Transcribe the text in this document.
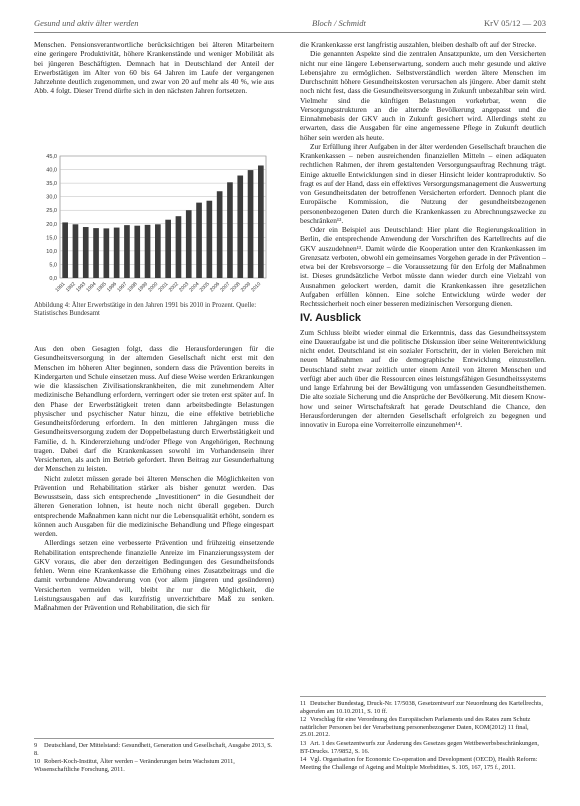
Gesund und aktiv älter werden	Bloch / Schmidt	KrV 05/12 — 203

Menschen. Pensionsverantwortliche berücksichtigen bei älteren Mitarbeitern eine geringere Produktivität, höhere Krankenstände und weniger Mobilität als bei jüngeren Beschäftigten. Demnach hat in Deutschland der Anteil der Erwerbstätigen im Alter von 60 bis 64 Jahren im Laufe der vergangenen Jahrzehnte deutlich zugenommen, und zwar von 20 auf mehr als 40 %, wie aus Abb. 4 folgt. Dieser Trend dürfte sich in den nächsten Jahren fortsetzen.

0,0
5,0
10,0
15,0
20,0
25,0
30,0
35,0
40,0
45,0
1991
1992
1993
1994
1995
1996
1997
1998
1999
2000
2001
2002
2003
2004
2005
2006
2007
2008
2009
2010
Abbildung 4: Älter Erwerbstätige in den Jahren 1991 bis 2010 in Prozent. Quelle: Statistisches Bundesamt

Aus den oben Gesagten folgt, dass die Herausforderungen für die Gesundheitsversorgung in der alternden Gesellschaft nicht erst mit den Menschen im höheren Alter beginnen, sondern dass die Prävention bereits in Kindergarten und Schule einsetzen muss. Auf diese Weise werden Erkrankungen wie die klassischen Zivilisationskrankheiten, die mit zunehmendem Alter medizinische Behandlung erfordern, verringert oder sie treten erst später auf. In den Phase der Erwerbstätigkeit treten dann arbeitsbedingte Belastungen physischer und psychischer Natur hinzu, die eine effektive betriebliche Gesundheitsförderung erfordern. In den mittleren Jahrgängen muss die Gesundheitsversorgung zudem der Doppelbelastung durch Erwerbstätigkeit und Familie, d. h. Kindererziehung und/oder Pflege von Angehörigen, Rechnung tragen. Dabei darf die Krankenkassen sowohl im Vorhandensein ihrer Versicherten, als auch im Betrieb gefordert. Ihren Beitrag zur Gesunderhaltung der Menschen zu leisten.

Nicht zuletzt müssen gerade bei älteren Menschen die Möglichkeiten von Prävention und Rehabilitation stärker als bisher genutzt werden. Das Bewusstsein, dass sich entsprechende „Investitionen“ in die Gesundheit der älteren Generation lohnen, ist heute noch nicht überall gegeben. Durch entsprechende Maßnahmen kann nicht nur die Lebensqualität erhöht, sondern es können auch Ausgaben für die medizinische Behandlung und Pflege eingespart werden.

Allerdings setzen eine verbesserte Prävention und frühzeitig einsetzende Rehabilitation entsprechende finanzielle Anreize im Finanzierungssystem der GKV voraus, die aber den derzeitigen Bedingungen des Gesundheitsfonds fehlen. Wenn eine Krankenkasse die Erhöhung eines Zusatzbeitrags und die damit verbundene Abwanderung von (vor allem jüngeren und gesünderen) Versicherten vermeiden will, bleibt ihr nur die Möglichkeit, die Leistungsausgaben auf das kurzfristig unverzichtbare Maß zu senken. Maßnahmen der Prävention und Rehabilitation, die sich für

9 Deutschland, Der Mittelstand: Gesundheit, Generation und Gesellschaft, Ausgabe 2013, S. 8.
10 Robert-Koch-Institut, Älter werden – Veränderungen beim Wachstum 2011, Wissenschaftliche Forschung, 2011.

die Krankenkasse erst langfristig auszahlen, bleiben deshalb oft auf der Strecke.

Die genannten Aspekte sind die zentralen Ansatzpunkte, um den Versicherten nicht nur eine längere Lebenserwartung, sondern auch mehr gesunde und aktive Lebensjahre zu ermöglichen. Selbstverständlich werden ältere Menschen im Durchschnitt höhere Gesundheitskosten verursachen als jüngere. Aber damit steht noch nicht fest, dass die Gesundheitsversorgung in Zukunft unbezahlbar sein wird. Vielmehr sind die künftigen Belastungen vorkehrbar, wenn die Versorgungsstrukturen an die alternde Bevölkerung angepasst und die Einnahmebasis der GKV auch in Zukunft gesichert wird. Allerdings steht zu erwarten, dass die Ausgaben für eine angemessene Pflege in Zukunft deutlich höher sein werden als heute.

Zur Erfüllung ihrer Aufgaben in der älter werdenden Gesellschaft brauchen die Krankenkassen – neben ausreichenden finanziellen Mitteln – einen adäquaten rechtlichen Rahmen, der ihrem gestaltenden Versorgungsauftrag Rechnung trägt. Einige aktuelle Entwicklungen sind in dieser Hinsicht leider kontraproduktiv. So fragt es auf der Hand, dass ein effektives Versorgungsmanagement die Auswertung von Gesundheitsdaten der betroffenen Versicherten erfordert. Dennoch plant die Europäische Kommission, die Nutzung der gesundheitsbezogenen personenbezogenen Daten durch die Krankenkassen zu Abrechnungszwecke zu beschränken¹².

Oder ein Beispiel aus Deutschland: Hier plant die Regierungskoalition in Berlin, die entsprechende Anwendung der Vorschriften des Kartellrechts auf die GKV auszudehnen¹³. Damit würde die Kooperation unter den Krankenkassen im Grenzsatz verboten, obwohl ein gemeinsames Vorgehen gerade in der Prävention – etwa bei der Krebsvorsorge – die Voraussetzung für den Erfolg der Maßnahmen ist. Dieses grundsätzliche Verbot müsste dann wieder durch eine Vielzahl von Ausnahmen gelockert werden, damit die Krankenkassen ihre gesetzlichen Aufgaben erfüllen können. Eine solche Entwicklung würde weder der Rechtssicherheit noch einer besseren medizinischen Versorgung dienen.

IV. Ausblick

Zum Schluss bleibt wieder einmal die Erkenntnis, dass das Gesundheitssystem eine Daueraufgabe ist und die politische Diskussion über seine Weiterentwicklung nicht endet. Deutschland ist ein sozialer Fortschritt, der in vielen Bereichen mit neuen Maßnahmen auf die demographische Entwicklung einzustellen. Deutschland steht zwar zeitlich unter einem Anteil von älteren Menschen und verfügt aber auch über die Ressourcen eines leistungsfähigen Gesundheitssystems und lange Erfahrung bei der Bewältigung von umfassenden Gesundheitsthemen. Die alte soziale Sicherung und die Ansprüche der Bevölkerung. Mit diesem Know-how und seiner Wirtschaftskraft hat gerade Deutschland die Chance, den Herausforderungen der alternden Gesellschaft erfolgreich zu begegnen und innovativ in Europa eine Vorreiterrolle einzunehmen¹⁴.

11 Deutscher Bundestag, Druck-Nr. 17/5038, Gesetzentwurf zur Neuordnung des Kartellrechts, abgerufen am 10.10.2011, S. 10 ff.
12 Vorschlag für eine Verordnung des Europäischen Parlaments und des Rates zum Schutz natürlicher Personen bei der Verarbeitung personenbezogener Daten, KOM(2012) 11 final, 25.01.2012.
13 Art. 1 des Gesetzentwurfs zur Änderung des Gesetzes gegen Wettbewerbsbeschränkungen, BT-Drucks. 17/9852, S. 16.
14 Vgl. Organisation for Economic Co-operation and Development (OECD), Health Reform: Meeting the Challenge of Ageing and Multiple Morbidities, S. 105, 167, 175 f., 2011.
